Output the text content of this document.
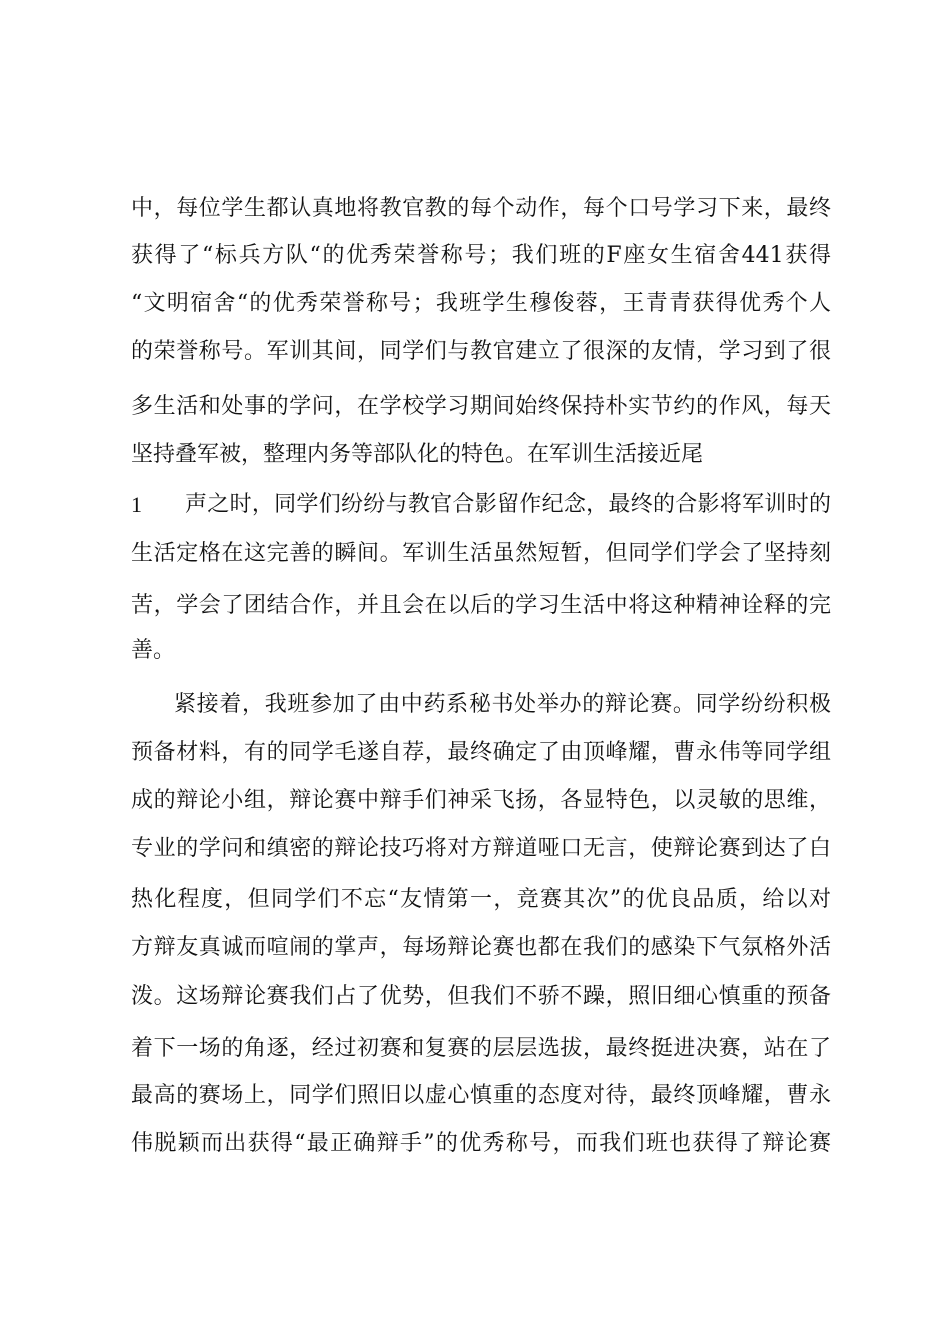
中，每位学生都认真地将教官教的每个动作，每个口号学习下来，最终
获得了“标兵方队“的优秀荣誉称号；我们班的F座女生宿舍441获得
“文明宿舍“的优秀荣誉称号；我班学生穆俊蓉，王青青获得优秀个人
的荣誉称号。军训其间，同学们与教官建立了很深的友情，学习到了很
多生活和处事的学问，在学校学习期间始终保持朴实节约的作风，每天
坚持叠军被，整理内务等部队化的特色。在军训生活接近尾
1 声之时，同学们纷纷与教官合影留作纪念，最终的合影将军训时的
生活定格在这完善的瞬间。军训生活虽然短暂，但同学们学会了坚持刻
苦，学会了团结合作，并且会在以后的学习生活中将这种精神诠释的完
善。
紧接着，我班参加了由中药系秘书处举办的辩论赛。同学纷纷积极
预备材料，有的同学毛遂自荐，最终确定了由顶峰耀，曹永伟等同学组
成的辩论小组，辩论赛中辩手们神采飞扬，各显特色，以灵敏的思维，
专业的学问和缜密的辩论技巧将对方辩道哑口无言，使辩论赛到达了白
热化程度，但同学们不忘“友情第一，竞赛其次”的优良品质，给以对
方辩友真诚而喧闹的掌声，每场辩论赛也都在我们的感染下气氛格外活
泼。这场辩论赛我们占了优势，但我们不骄不躁，照旧细心慎重的预备
着下一场的角逐，经过初赛和复赛的层层选拔，最终挺进决赛，站在了
最高的赛场上，同学们照旧以虚心慎重的态度对待，最终顶峰耀，曹永
伟脱颖而出获得“最正确辩手”的优秀称号，而我们班也获得了辩论赛
